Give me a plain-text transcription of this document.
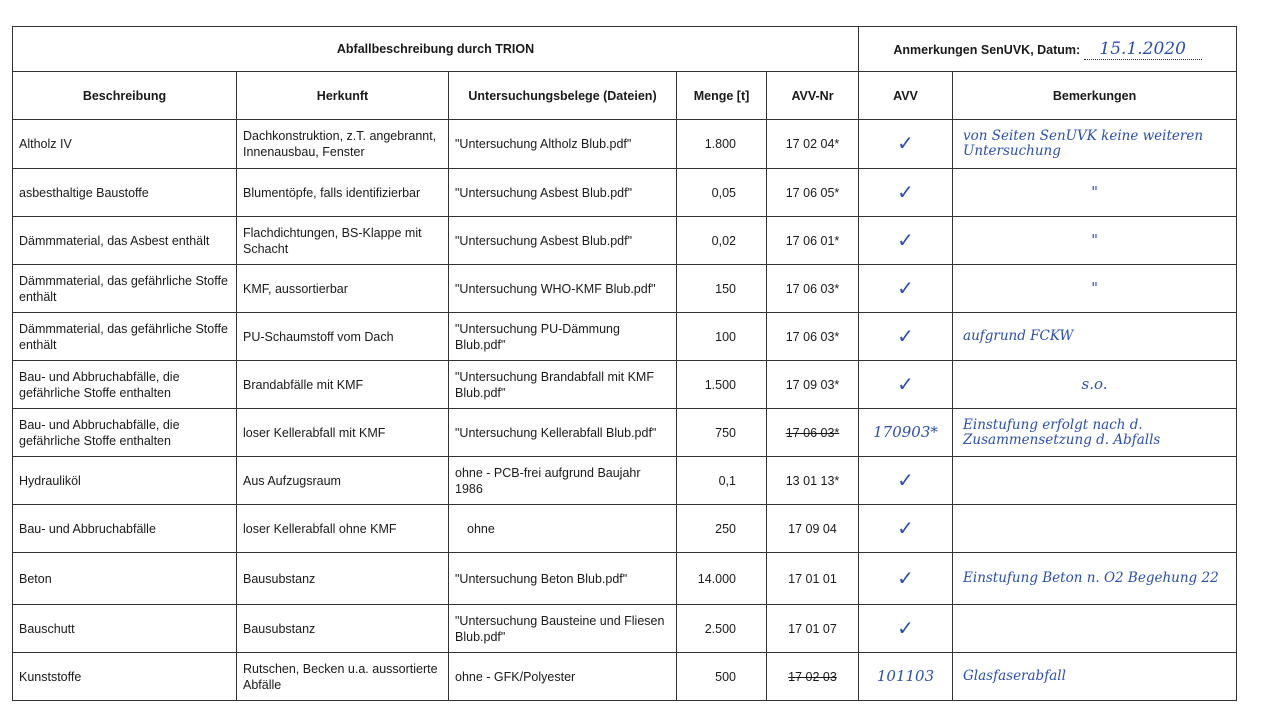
Abfallbeschreibung durch TRION					Anmerkungen SenUVK, Datum: 15.1.2020	
Beschreibung	Herkunft	Untersuchungsbelege (Dateien)	Menge [t]	AVV-Nr	AVV	Bemerkungen
Altholz IV	Dachkonstruktion, z.T. angebrannt, Innenausbau, Fenster	"Untersuchung Altholz Blub.pdf"	1.800	17 02 04*	✓	von Seiten SenUVK keine weiteren Untersuchung
asbesthaltige Baustoffe	Blumentöpfe, falls identifizierbar	"Untersuchung Asbest Blub.pdf"	0,05	17 06 05*	✓	"
Dämmmaterial, das Asbest enthält	Flachdichtungen, BS-Klappe mit Schacht	"Untersuchung Asbest Blub.pdf"	0,02	17 06 01*	✓	"
Dämmmaterial, das gefährliche Stoffe enthält	KMF, aussortierbar	"Untersuchung WHO-KMF Blub.pdf"	150	17 06 03*	✓	"
Dämmmaterial, das gefährliche Stoffe enthält	PU-Schaumstoff vom Dach	"Untersuchung PU-Dämmung Blub.pdf"	100	17 06 03*	✓	aufgrund FCKW
Bau- und Abbruchabfälle, die gefährliche Stoffe enthalten	Brandabfälle mit KMF	"Untersuchung Brandabfall mit KMF Blub.pdf"	1.500	17 09 03*	✓	s.o.
Bau- und Abbruchabfälle, die gefährliche Stoffe enthalten	loser Kellerabfall mit KMF	"Untersuchung Kellerabfall Blub.pdf"	750	17 06 03*	170903*	Einstufung erfolgt nach d. Zusammensetzung d. Abfalls
Hydrauliköl	Aus Aufzugsraum	ohne - PCB-frei aufgrund Baujahr 1986	0,1	13 01 13*	✓	
Bau- und Abbruchabfälle	loser Kellerabfall ohne KMF	ohne	250	17 09 04	✓	
Beton	Bausubstanz	"Untersuchung Beton Blub.pdf"	14.000	17 01 01	✓	Einstufung Beton n. O2 Begehung 22
Bauschutt	Bausubstanz	"Untersuchung Bausteine und Fliesen Blub.pdf"	2.500	17 01 07	✓	
Kunststoffe	Rutschen, Becken u.a. aussortierte Abfälle	ohne - GFK/Polyester	500	17 02 03	101103	Glasfaserabfall
